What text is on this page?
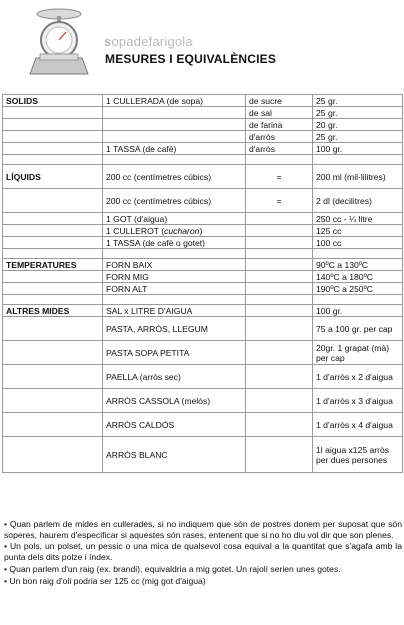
sopadefarigola
MESURES I EQUIVALÈNCIES
SOLIDS	1 CULLERADA (de sopa)	de sucre	25 gr.
		de sal	25 gr.
		de farina	20 gr.
		d'arròs	25 gr.
	1 TASSA (de cafè)	d'arròs	100 gr.

LÍQUIDS	200 cc (centímetres cúbics)	=	200 ml (mil·lilitres)
	200 cc (centímetres cúbics)	=	2 dl (decilitres)
	1 GOT (d'aigua)		250 cc - ¼ litre
	1 CULLEROT (cucharon)		125 cc
	1 TASSA (de cafè o gotet)		100 cc

TEMPERATURES	FORN BAIX		90ºC a 130ºC
	FORN MIG		140ºC a 180ºC
	FORN ALT		190ºC a 250ºC

ALTRES MIDES	SAL x LITRE D'AIGUA		100 gr.
	PASTA, ARRÒS, LLEGUM		75 a 100 gr. per cap
	PASTA SOPA PETITA		20gr. 1 grapat (mà) per cap
	PAELLA (arròs sec)		1 d'arròs x 2 d'aigua
	ARRÒS CASSOLA (melós)		1 d'arròs x 3 d'aigua
	ARRÒS CALDÓS		1 d'arròs x 4 d'aigua
	ARRÒS BLANC		1l aigua x125 arròs per dues persones

• Quan parlem de mides en cullerades, si no indiquem que són de postres donem per suposat que són soperes, haurem d'especificar si aquestes són rases, entenent que si no ho diu vol dir que son plenes.

• Un pols, un polset, un pessic o una mica de qualsevol cosa equival a la quantitat que s'agafa amb la punta dels dits polze i índex.

• Quan parlem d'un raig (ex. brandi), equivaldria a mig gotet. Un rajolí serien unes gotes.

• Un bon raig d'oli podria ser 125 cc (mig got d'aigua)
